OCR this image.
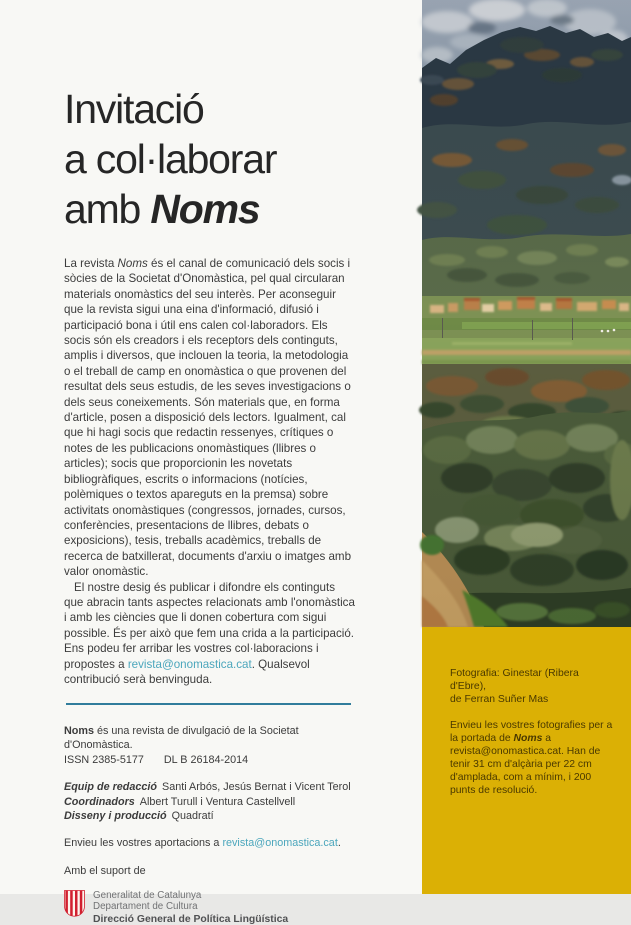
Invitació
a col·laborar
amb Noms

La revista Noms és el canal de comunicació dels socis i sòcies de la Societat d'Onomàstica, pel qual circularan materials onomàstics del seu interès. Per aconseguir que la revista sigui una eina d'informació, difusió i participació bona i útil ens calen col·laboradors. Els socis són els creadors i els receptors dels continguts, amplis i diversos, que inclouen la teoria, la metodologia o el treball de camp en onomàstica o que provenen del resultat dels seus estudis, de les seves investigacions o dels seus coneixements. Són materials que, en forma d'article, posen a disposició dels lectors. Igualment, cal que hi hagi socis que redactin ressenyes, crítiques o notes de les publicacions onomàstiques (llibres o articles); socis que proporcionin les novetats bibliogràfiques, escrits o informacions (notícies, polèmiques o textos apareguts en la premsa) sobre activitats onomàstiques (congressos, jornades, cursos, conferències, presentacions de llibres, debats o exposicions), tesis, treballs acadèmics, treballs de recerca de batxillerat, documents d'arxiu o imatges amb valor onomàstic.

El nostre desig és publicar i difondre els continguts que abracin tants aspectes relacionats amb l'onomàstica i amb les ciències que li donen cobertura com sigui possible. És per això que fem una crida a la participació. Ens podeu fer arribar les vostres col·laboracions i propostes a revista@onomastica.cat. Qualsevol contribució serà benvinguda.

Noms és una revista de divulgació de la Societat d'Onomàstica.
ISSN 2385-5177 DL B 26184-2014
Equip de redacció Santi Arbós, Jesús Bernat i Vicent Terol
Coordinadors Albert Turull i Ventura Castellvell
Disseny i producció Quadratí
Envieu les vostres aportacions a revista@onomastica.cat.
Amb el suport de
Generalitat de Catalunya
Departament de Cultura
Direcció General de Política Lingüística

Fotografia: Ginestar (Ribera d'Ebre),
de Ferran Suñer Mas

Envieu les vostres fotografies per a la portada de Noms a revista@onomastica.cat. Han de tenir 31 cm d'alçària per 22 cm d'amplada, com a mínim, i 200 punts de resolució.
